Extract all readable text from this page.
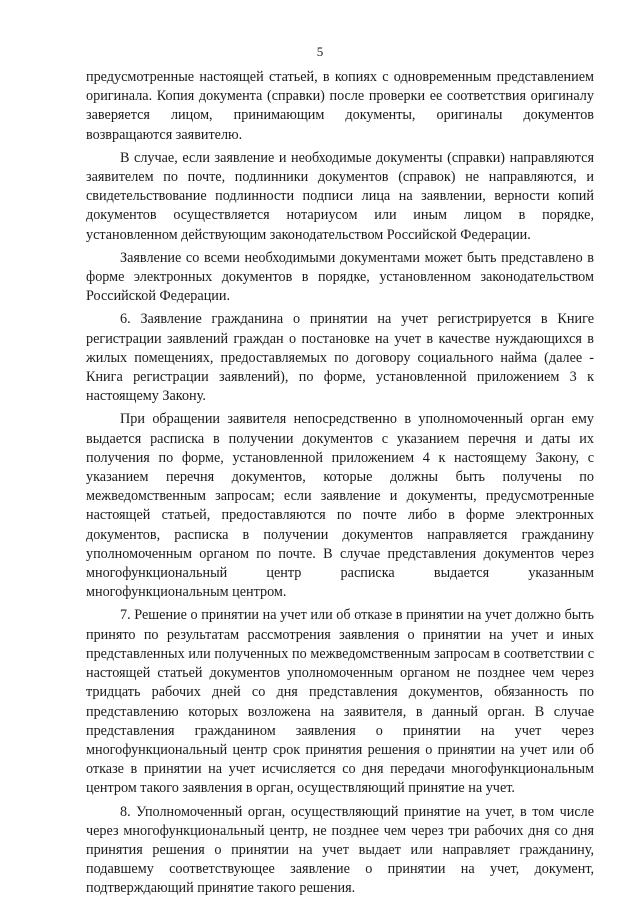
5

предусмотренные настоящей статьей, в копиях с одновременным представлением оригинала. Копия документа (справки) после проверки ее соответствия оригиналу заверяется лицом, принимающим документы, оригиналы документов возвращаются заявителю.

В случае, если заявление и необходимые документы (справки) направляются заявителем по почте, подлинники документов (справок) не направляются, и свидетельствование подлинности подписи лица на заявлении, верности копий документов осуществляется нотариусом или иным лицом в порядке, установленном действующим законодательством Российской Федерации.

Заявление со всеми необходимыми документами может быть представлено в форме электронных документов в порядке, установленном законодательством Российской Федерации.

6. Заявление гражданина о принятии на учет регистрируется в Книге регистрации заявлений граждан о постановке на учет в качестве нуждающихся в жилых помещениях, предоставляемых по договору социального найма (далее - Книга регистрации заявлений), по форме, установленной приложением 3 к настоящему Закону.

При обращении заявителя непосредственно в уполномоченный орган ему выдается расписка в получении документов с указанием перечня и даты их получения по форме, установленной приложением 4 к настоящему Закону, с указанием перечня документов, которые должны быть получены по межведомственным запросам; если заявление и документы, предусмотренные настоящей статьей, предоставляются по почте либо в форме электронных документов, расписка в получении документов направляется гражданину уполномоченным органом по почте. В случае представления документов через многофункциональный центр расписка выдается указанным многофункциональным центром.

7. Решение о принятии на учет или об отказе в принятии на учет должно быть принято по результатам рассмотрения заявления о принятии на учет и иных представленных или полученных по межведомственным запросам в соответствии с настоящей статьей документов уполномоченным органом не позднее чем через тридцать рабочих дней со дня представления документов, обязанность по представлению которых возложена на заявителя, в данный орган. В случае представления гражданином заявления о принятии на учет через многофункциональный центр срок принятия решения о принятии на учет или об отказе в принятии на учет исчисляется со дня передачи многофункциональным центром такого заявления в орган, осуществляющий принятие на учет.

8. Уполномоченный орган, осуществляющий принятие на учет, в том числе через многофункциональный центр, не позднее чем через три рабочих дня со дня принятия решения о принятии на учет выдает или направляет гражданину, подавшему соответствующее заявление о принятии на учет, документ, подтверждающий принятие такого решения.
